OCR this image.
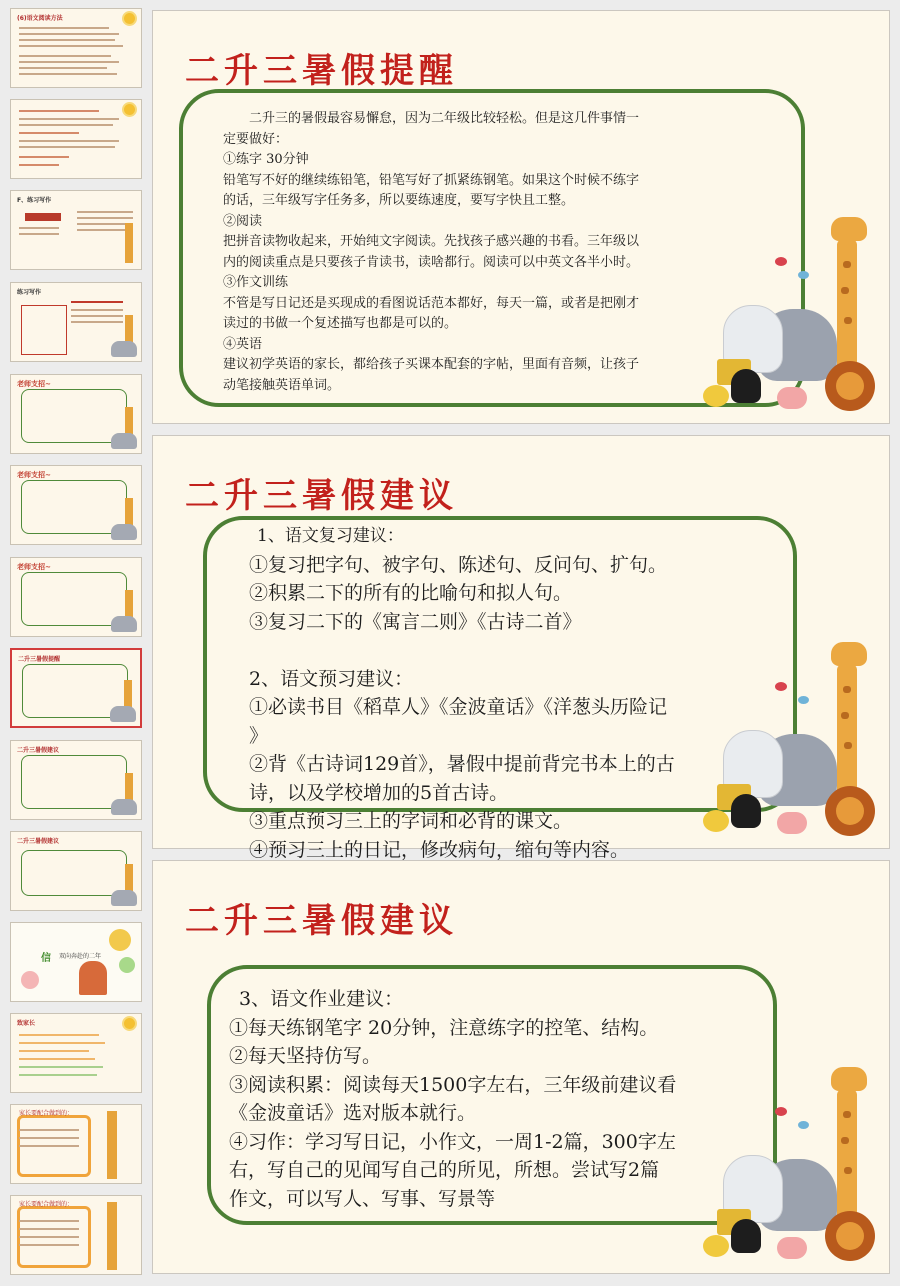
(6)语文阅读方法
F、练习写作
练习写作
老师支招~
老师支招~
老师支招~
二升三暑假提醒
二升三暑假建议
二升三暑假建议
信 双向奔赴的二年
致家长
家长要配合做到的：
家长要配合做到的：
二升三暑假提醒

二升三的暑假最容易懈怠，因为二年级比较轻松。但是这几件事情一

定要做好：

①练字 30分钟

铅笔写不好的继续练铅笔，铅笔写好了抓紧练钢笔。如果这个时候不练字

的话，三年级写字任务多，所以要练速度，要写字快且工整。

②阅读

把拼音读物收起来，开始纯文字阅读。先找孩子感兴趣的书看。三年级以

内的阅读重点是只要孩子肯读书，读啥都行。阅读可以中英文各半小时。

③作文训练

不管是写日记还是买现成的看图说话范本都好，每天一篇，或者是把刚才

读过的书做一个复述描写也都是可以的。

④英语

建议初学英语的家长，都给孩子买课本配套的字帖，里面有音频，让孩子

动笔接触英语单词。

二升三暑假建议

1、语文复习建议：

①复习把字句、被字句、陈述句、反问句、扩句。

②积累二下的所有的比喻句和拟人句。

③复习二下的《寓言二则》《古诗二首》

2、语文预习建议：

①必读书目《稻草人》《金波童话》《洋葱头历险记

》

②背《古诗词129首》，暑假中提前背完书本上的古

诗，以及学校增加的5首古诗。

③重点预习三上的字词和必背的课文。

④预习三上的日记，修改病句，缩句等内容。

二升三暑假建议

3、语文作业建议：

①每天练钢笔字 20分钟，注意练字的控笔、结构。

②每天坚持仿写。

③阅读积累：阅读每天1500字左右，三年级前建议看

《金波童话》选对版本就行。

④习作：学习写日记，小作文，一周1-2篇，300字左

右，写自己的见闻写自己的所见，所想。尝试写2篇

作文，可以写人、写事、写景等
